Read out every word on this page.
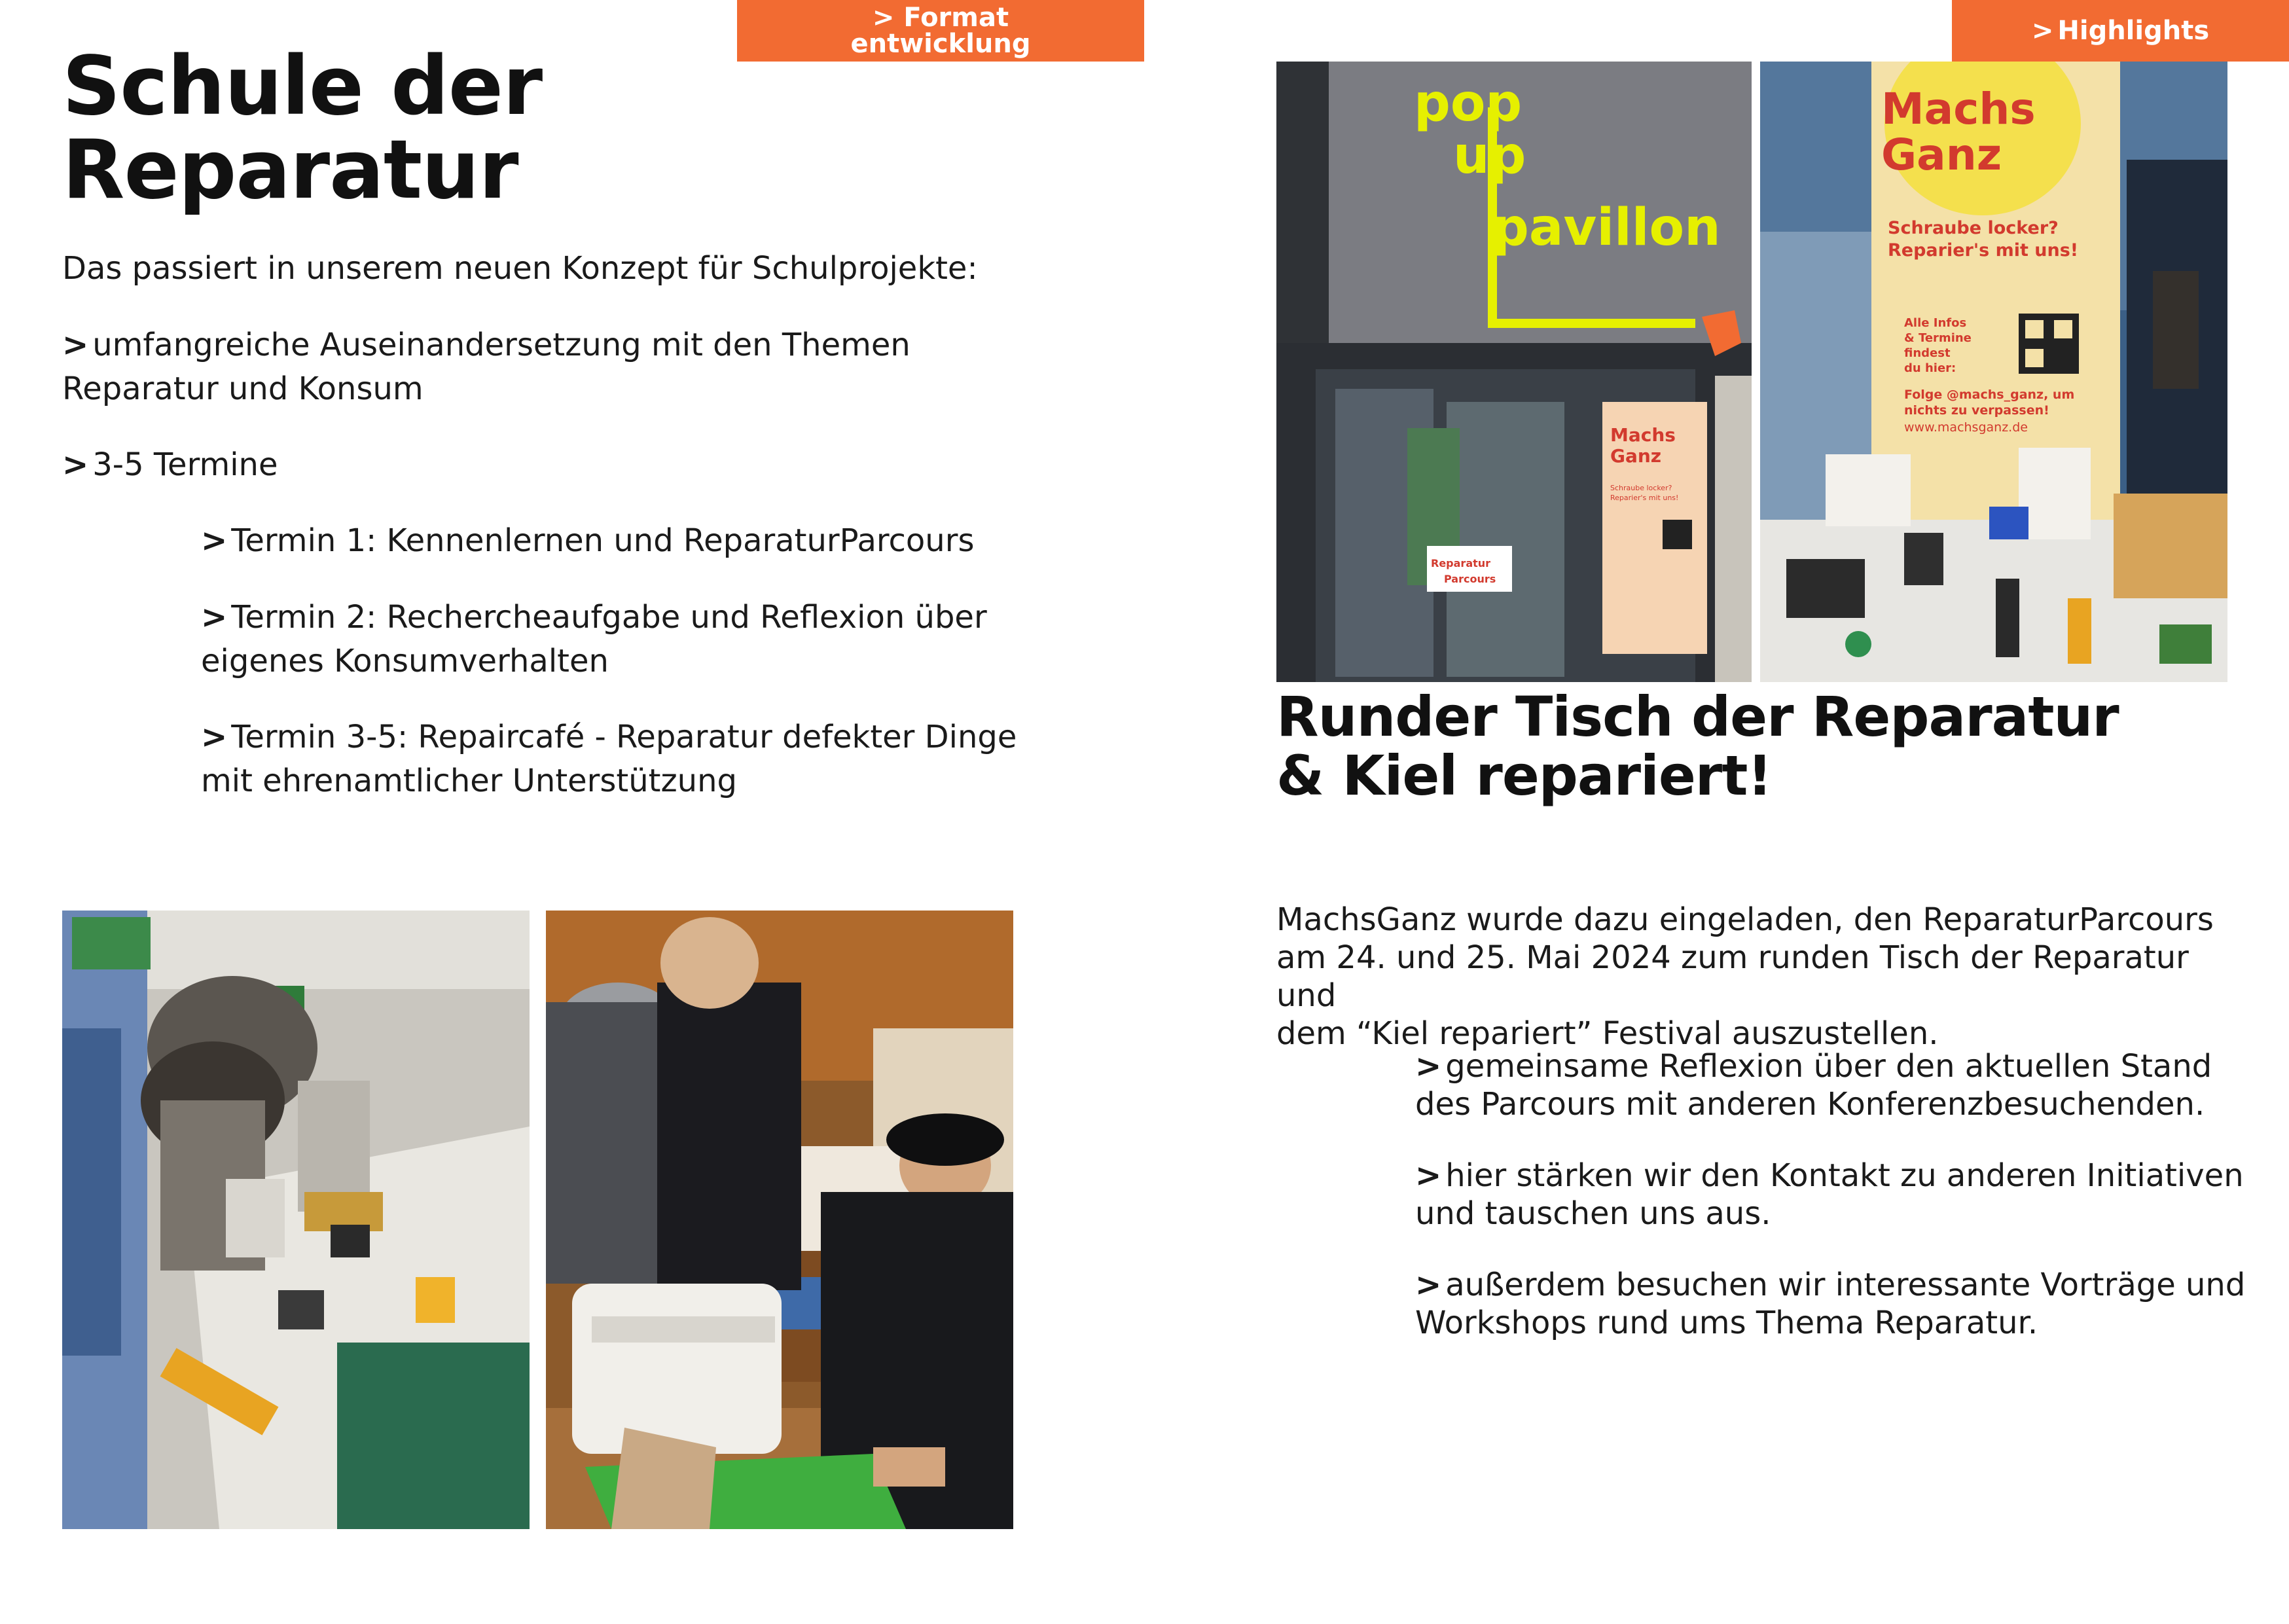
> Format
entwicklung
Schule der
Reparatur

Das passiert in unserem neuen Konzept für Schulprojekte:

> umfangreiche Auseinandersetzung mit den Themen
Reparatur und Konsum
> 3-5 Termine
> Termin 1: Kennenlernen und ReparaturParcours
> Termin 2: Rechercheaufgabe und Reflexion über
eigenes Konsumverhalten
> Termin 3-5: Repaircafé - Reparatur defekter Dinge
mit ehrenamtlicher Unterstützung
> Highlights
pop
up
pavillon
Machs
Ganz
Schraube locker?
Reparier's mit uns!
Reparatur
Parcours
Machs
Ganz
Schraube locker?
Reparier's mit uns!
Alle Infos
& Termine
findest
du hier:
Folge @machs_ganz, um
nichts zu verpassen!
www.machsganz.de
Runder Tisch der Reparatur
& Kiel repariert!
MachsGanz wurde dazu eingeladen, den ReparaturParcours
am 24. und 25. Mai 2024 zum runden Tisch der Reparatur und
dem “Kiel repariert” Festival auszustellen.
> gemeinsame Reflexion über den aktuellen Stand
des Parcours mit anderen Konferenzbesuchenden.
> hier stärken wir den Kontakt zu anderen Initiativen
und tauschen uns aus.
> außerdem besuchen wir interessante Vorträge und
Workshops rund ums Thema Reparatur.
